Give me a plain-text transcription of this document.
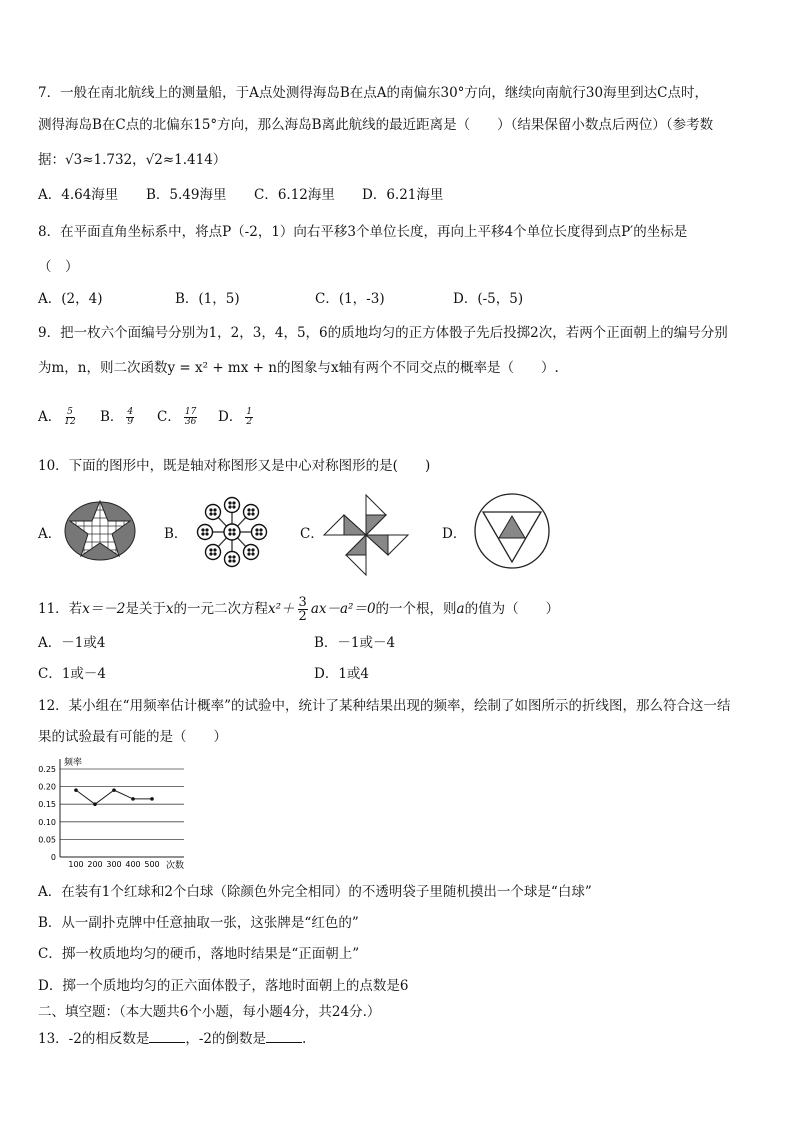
7．一般在南北航线上的测量船，于A点处测得海岛B在点A的南偏东30°方向，继续向南航行30海里到达C点时，
测得海岛B在C点的北偏东15°方向，那么海岛B离此航线的最近距离是（　　）（结果保留小数点后两位）（参考数
据：√3≈1.732，√2≈1.414）
A．4.64海里 B．5.49海里 C．6.12海里 D．6.21海里
8．在平面直角坐标系中，将点P（-2，1）向右平移3个单位长度，再向上平移4个单位长度得到点P′的坐标是
（　）
A．(2，4)	B．(1，5)	C．(1，-3)	D．(-5，5)
9．把一枚六个面编号分别为1，2，3，4，5，6的质地均匀的正方体骰子先后投掷2次，若两个正面朝上的编号分别
为m，n，则二次函数y = x² + mx + n的图象与x轴有两个不同交点的概率是（　　）.
A． $\frac{5}{12}$ B． $\frac{4}{9}$ C． $\frac{17}{36}$ D． $\frac{1}{2}$
10．下面的图形中，既是轴对称图形又是中心对称图形的是(　　)
A．	B．	C．	D．
11．若x＝－2是关于x的一元二次方程$x^2+ \frac{3}{2} ax-a^2=0$的一个根，则a的值为（　　）
A．－1或4	B．－1或－4
C．1或－4	D．1或4
12．某小组在“用频率估计概率”的试验中，统计了某种结果出现的频率，绘制了如图所示的折线图，那么符合这一结
果的试验最有可能的是（　　）
频率
次数
0
0.05
0.10
0.15
0.20
0.25
100 200 300 400 500
A．在装有1个红球和2个白球（除颜色外完全相同）的不透明袋子里随机摸出一个球是“白球”
B．从一副扑克牌中任意抽取一张，这张牌是“红色的”
C．掷一枚质地均匀的硬币，落地时结果是“正面朝上”
D．掷一个质地均匀的正六面体骰子，落地时面朝上的点数是6
二、填空题：（本大题共6个小题，每小题4分，共24分.）
13．-2的相反数是	，-2的倒数是	.
